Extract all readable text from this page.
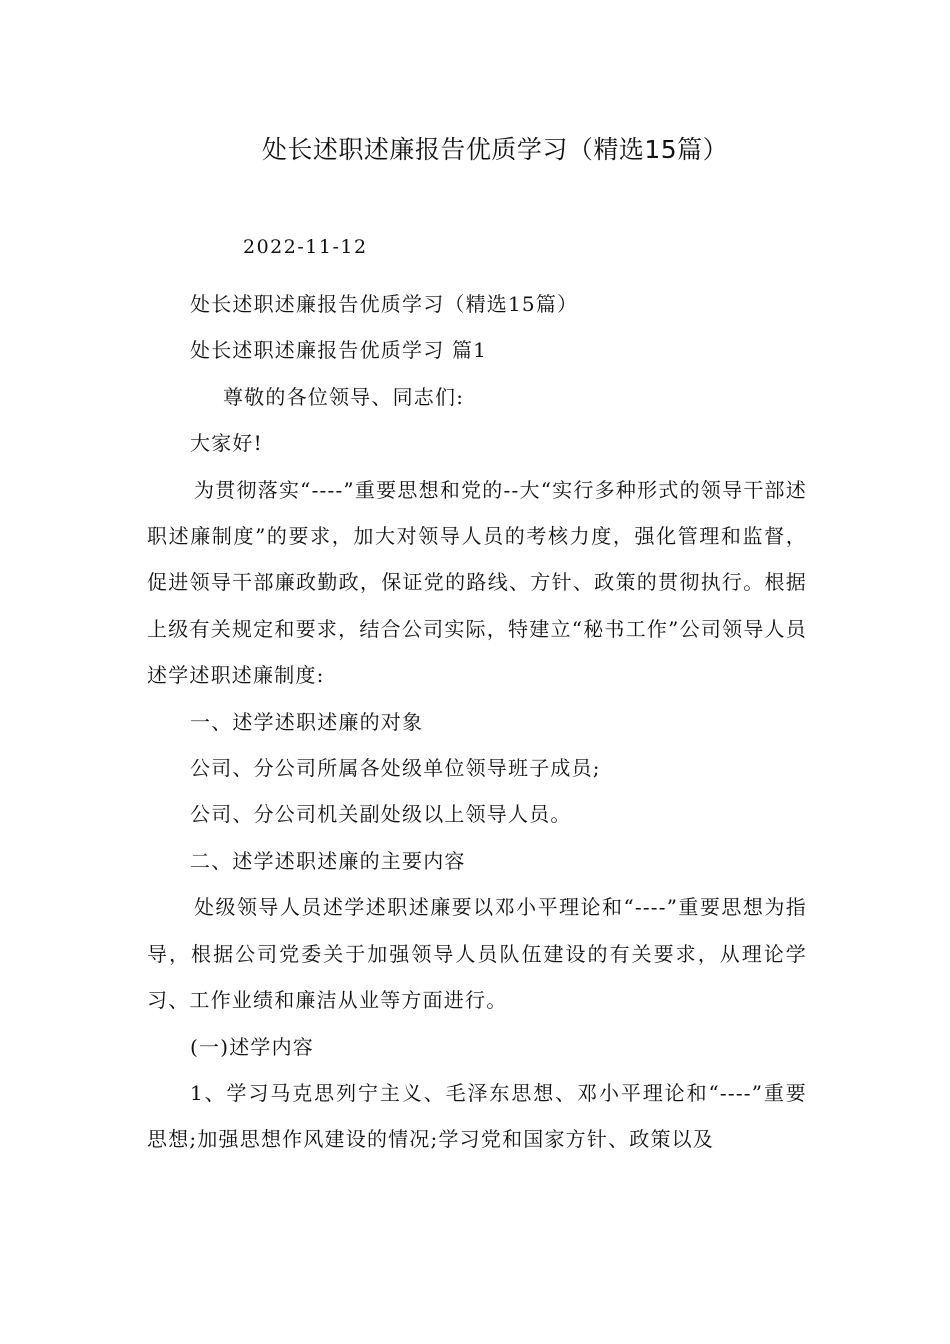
处长述职述廉报告优质学习（精选15篇）
2022-11-12

处长述职述廉报告优质学习（精选15篇）

处长述职述廉报告优质学习 篇1

尊敬的各位领导、同志们:

大家好!

为贯彻落实“----”重要思想和党的--大“实行多种形式的领导干部述职述廉制度”的要求，加大对领导人员的考核力度，强化管理和监督，促进领导干部廉政勤政，保证党的路线、方针、政策的贯彻执行。根据上级有关规定和要求，结合公司实际，特建立“秘书工作”公司领导人员述学述职述廉制度:

一、述学述职述廉的对象

公司、分公司所属各处级单位领导班子成员;

公司、分公司机关副处级以上领导人员。

二、述学述职述廉的主要内容

处级领导人员述学述职述廉要以邓小平理论和“----”重要思想为指导，根据公司党委关于加强领导人员队伍建设的有关要求，从理论学习、工作业绩和廉洁从业等方面进行。

(一)述学内容

1、学习马克思列宁主义、毛泽东思想、邓小平理论和“----”重要思想;加强思想作风建设的情况;学习党和国家方针、政策以及
